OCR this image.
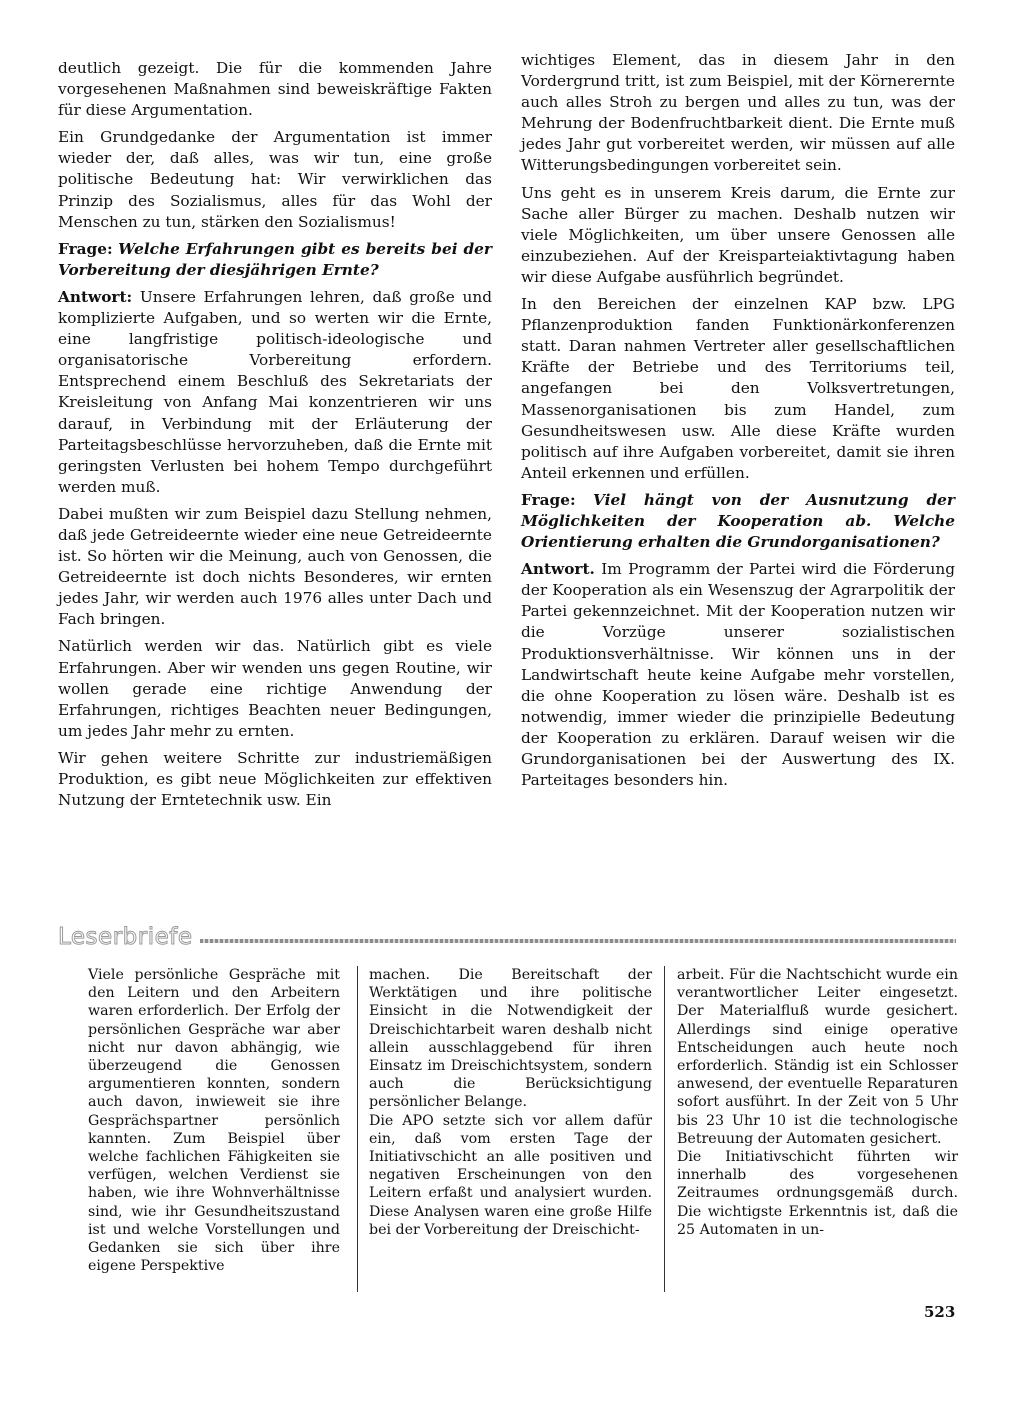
deutlich gezeigt. Die für die kommenden Jahre vorgesehenen Maßnahmen sind beweiskräftige Fakten für diese Argumentation.

Ein Grundgedanke der Argumentation ist immer wieder der, daß alles, was wir tun, eine große politische Bedeutung hat: Wir verwirklichen das Prinzip des Sozialismus, alles für das Wohl der Menschen zu tun, stärken den Sozialismus!

Frage: Welche Erfahrungen gibt es bereits bei der Vorbereitung der diesjährigen Ernte?

Antwort: Unsere Erfahrungen lehren, daß große und komplizierte Aufgaben, und so werten wir die Ernte, eine langfristige politisch-ideologische und organisatorische Vorbereitung erfordern. Entsprechend einem Beschluß des Sekretariats der Kreisleitung von Anfang Mai konzentrieren wir uns darauf, in Verbindung mit der Erläuterung der Parteitagsbeschlüsse hervorzuheben, daß die Ernte mit geringsten Verlusten bei hohem Tempo durchgeführt werden muß.

Dabei mußten wir zum Beispiel dazu Stellung nehmen, daß jede Getreideernte wieder eine neue Getreideernte ist. So hörten wir die Meinung, auch von Genossen, die Getreideernte ist doch nichts Besonderes, wir ernten jedes Jahr, wir werden auch 1976 alles unter Dach und Fach bringen.

Natürlich werden wir das. Natürlich gibt es viele Erfahrungen. Aber wir wenden uns gegen Routine, wir wollen gerade eine richtige Anwendung der Erfahrungen, richtiges Beachten neuer Bedingungen, um jedes Jahr mehr zu ernten.

Wir gehen weitere Schritte zur industriemäßigen Produktion, es gibt neue Möglichkeiten zur effektiven Nutzung der Erntetechnik usw. Ein

wichtiges Element, das in diesem Jahr in den Vordergrund tritt, ist zum Beispiel, mit der Körnerernte auch alles Stroh zu bergen und alles zu tun, was der Mehrung der Bodenfruchtbarkeit dient. Die Ernte muß jedes Jahr gut vorbereitet werden, wir müssen auf alle Witterungsbedingungen vorbereitet sein.

Uns geht es in unserem Kreis darum, die Ernte zur Sache aller Bürger zu machen. Deshalb nutzen wir viele Möglichkeiten, um über unsere Genossen alle einzubeziehen. Auf der Kreisparteiaktivtagung haben wir diese Aufgabe ausführlich begründet.

In den Bereichen der einzelnen KAP bzw. LPG Pflanzenproduktion fanden Funktionärkonferenzen statt. Daran nahmen Vertreter aller gesellschaftlichen Kräfte der Betriebe und des Territoriums teil, angefangen bei den Volksvertretungen, Massenorganisationen bis zum Handel, zum Gesundheitswesen usw. Alle diese Kräfte wurden politisch auf ihre Aufgaben vorbereitet, damit sie ihren Anteil erkennen und erfüllen.

Frage: Viel hängt von der Ausnutzung der Möglichkeiten der Kooperation ab. Welche Orientierung erhalten die Grundorganisationen?

Antwort. Im Programm der Partei wird die Förderung der Kooperation als ein Wesenszug der Agrarpolitik der Partei gekennzeichnet. Mit der Kooperation nutzen wir die Vorzüge unserer sozialistischen Produktionsverhältnisse. Wir können uns in der Landwirtschaft heute keine Aufgabe mehr vorstellen, die ohne Kooperation zu lösen wäre. Deshalb ist es notwendig, immer wieder die prinzipielle Bedeutung der Kooperation zu erklären. Darauf weisen wir die Grundorganisationen bei der Auswertung des IX. Parteitages besonders hin.

Leserbriefe

Viele persönliche Gespräche mit den Leitern und den Arbeitern waren erforderlich. Der Erfolg der persönlichen Gespräche war aber nicht nur davon abhängig, wie überzeugend die Genossen argumentieren konnten, sondern auch davon, inwieweit sie ihre Gesprächspartner persönlich kannten. Zum Beispiel über welche fachlichen Fähigkeiten sie verfügen, welchen Verdienst sie haben, wie ihre Wohnverhältnisse sind, wie ihr Gesundheitszustand ist und welche Vorstellungen und Gedanken sie sich über ihre eigene Perspektive

machen. Die Bereitschaft der Werktätigen und ihre politische Einsicht in die Notwendigkeit der Dreischichtarbeit waren deshalb nicht allein ausschlaggebend für ihren Einsatz im Dreischichtsystem, sondern auch die Berücksichtigung persönlicher Belange.

Die APO setzte sich vor allem dafür ein, daß vom ersten Tage der Initiativschicht an alle positiven und negativen Erscheinungen von den Leitern erfaßt und analysiert wurden. Diese Analysen waren eine große Hilfe bei der Vorbereitung der Dreischicht-

arbeit. Für die Nachtschicht wurde ein verantwortlicher Leiter eingesetzt. Der Materialfluß wurde gesichert. Allerdings sind einige operative Entscheidungen auch heute noch erforderlich. Ständig ist ein Schlosser anwesend, der eventuelle Reparaturen sofort ausführt. In der Zeit von 5 Uhr bis 23 Uhr 10 ist die technologische Betreuung der Automaten gesichert.

Die Initiativschicht führten wir innerhalb des vorgesehenen Zeitraumes ordnungsgemäß durch. Die wichtigste Erkenntnis ist, daß die 25 Automaten in un-

523
